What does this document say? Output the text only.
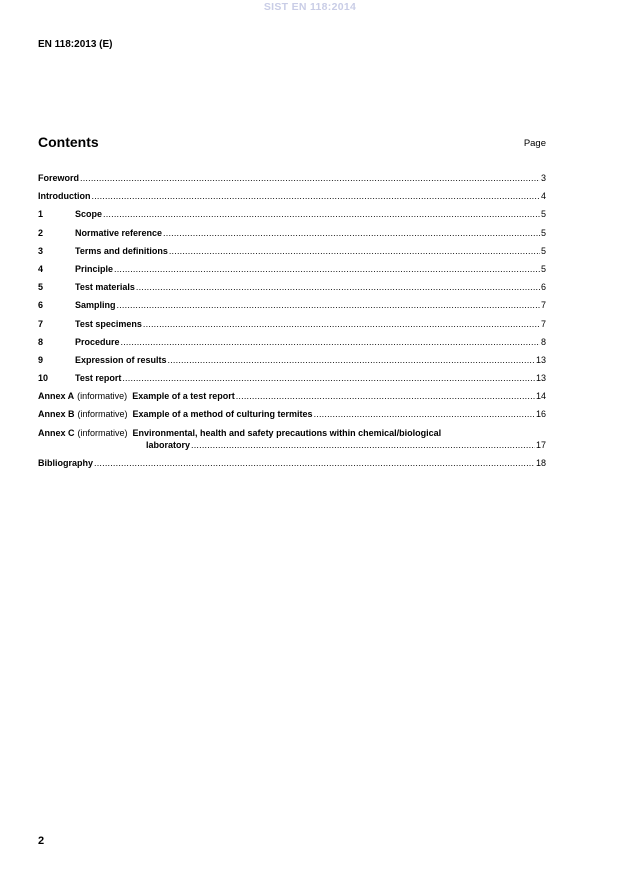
SIST EN 118:2014
EN 118:2013 (E)
Contents	Page
Foreword .....	3
Introduction .....	4
1	Scope .....	5
2	Normative reference .....	5
3	Terms and definitions .....	5
4	Principle .....	5
5	Test materials .....	6
6	Sampling .....	7
7	Test specimens .....	7
8	Procedure .....	8
9	Expression of results .....	13
10	Test report .....	13
Annex A (informative) Example of a test report .....	14
Annex B (informative) Example of a method of culturing termites .....	16
Annex C (informative) Environmental, health and safety precautions within chemical/biological
laboratory .....	17
Bibliography .....	18
2
